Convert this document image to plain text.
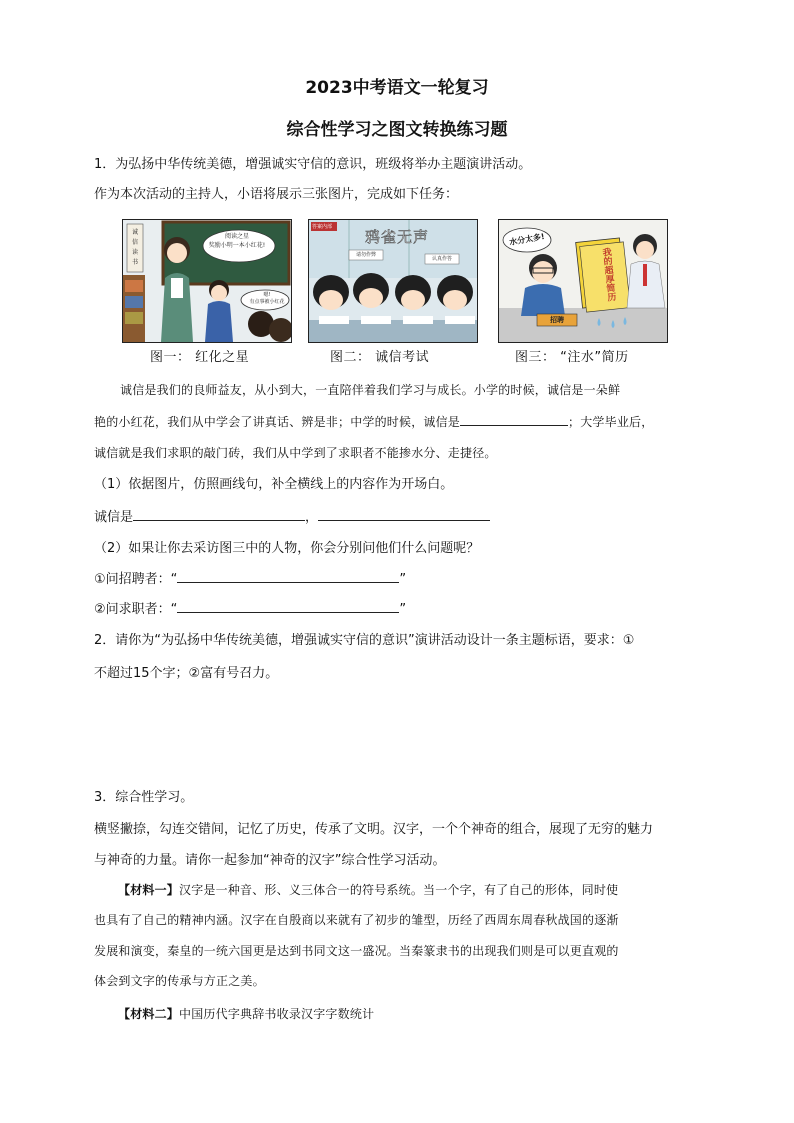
2023中考语文一轮复习
综合性学习之图文转换练习题
1．为弘扬中华传统美德，增强诚实守信的意识，班级将举办主题演讲活动。
作为本次活动的主持人，小语将展示三张图片，完成如下任务：
诚
信
读
书
阅读之星
奖励小明一本小红花!
嗯!
有点事被小红花
图一： 红化之星
答案内部
鸦雀无声
请勿作弊
认真作答
图二： 诚信考试
水分太多!
我的超厚简历
招聘
图三： “注水”简历
诚信是我们的良师益友，从小到大，一直陪伴着我们学习与成长。小学的时候，诚信是一朵鲜
艳的小红花，我们从中学会了讲真话、辨是非；中学的时候，诚信是	；大学毕业后，
诚信就是我们求职的敲门砖，我们从中学到了求职者不能掺水分、走捷径。
（1）依据图片，仿照画线句，补全横线上的内容作为开场白。
诚信是	，
（2）如果让你去采访图三中的人物，你会分别问他们什么问题呢？
①问招聘者：“	”
②问求职者：“	”
2．请你为“为弘扬中华传统美德，增强诚实守信的意识”演讲活动设计一条主题标语，要求：①
不超过15个字；②富有号召力。
3．综合性学习。
横竖撇捺，勾连交错间，记忆了历史，传承了文明。汉字，一个个神奇的组合，展现了无穷的魅力
与神奇的力量。请你一起参加“神奇的汉字”综合性学习活动。
【材料一】汉字是一种音、形、义三体合一的符号系统。当一个字，有了自己的形体，同时使
也具有了自己的精神内涵。汉字在自殷商以来就有了初步的雏型，历经了西周东周春秋战国的逐渐
发展和演变，秦皇的一统六国更是达到书同文这一盛况。当秦篆隶书的出现我们则是可以更直观的
体会到文字的传承与方正之美。
【材料二】中国历代字典辞书收录汉字字数统计
